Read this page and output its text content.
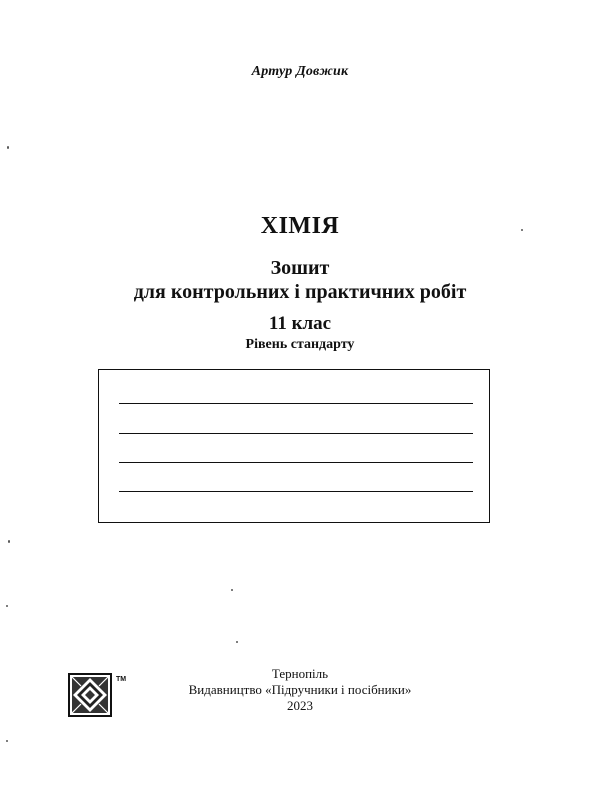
Артур Довжик
ХІМІЯ
Зошит
для контрольних і практичних робіт
11 клас
Рівень стандарту
TM	Тернопіль
Видавництво «Підручники і посібники»
2023
